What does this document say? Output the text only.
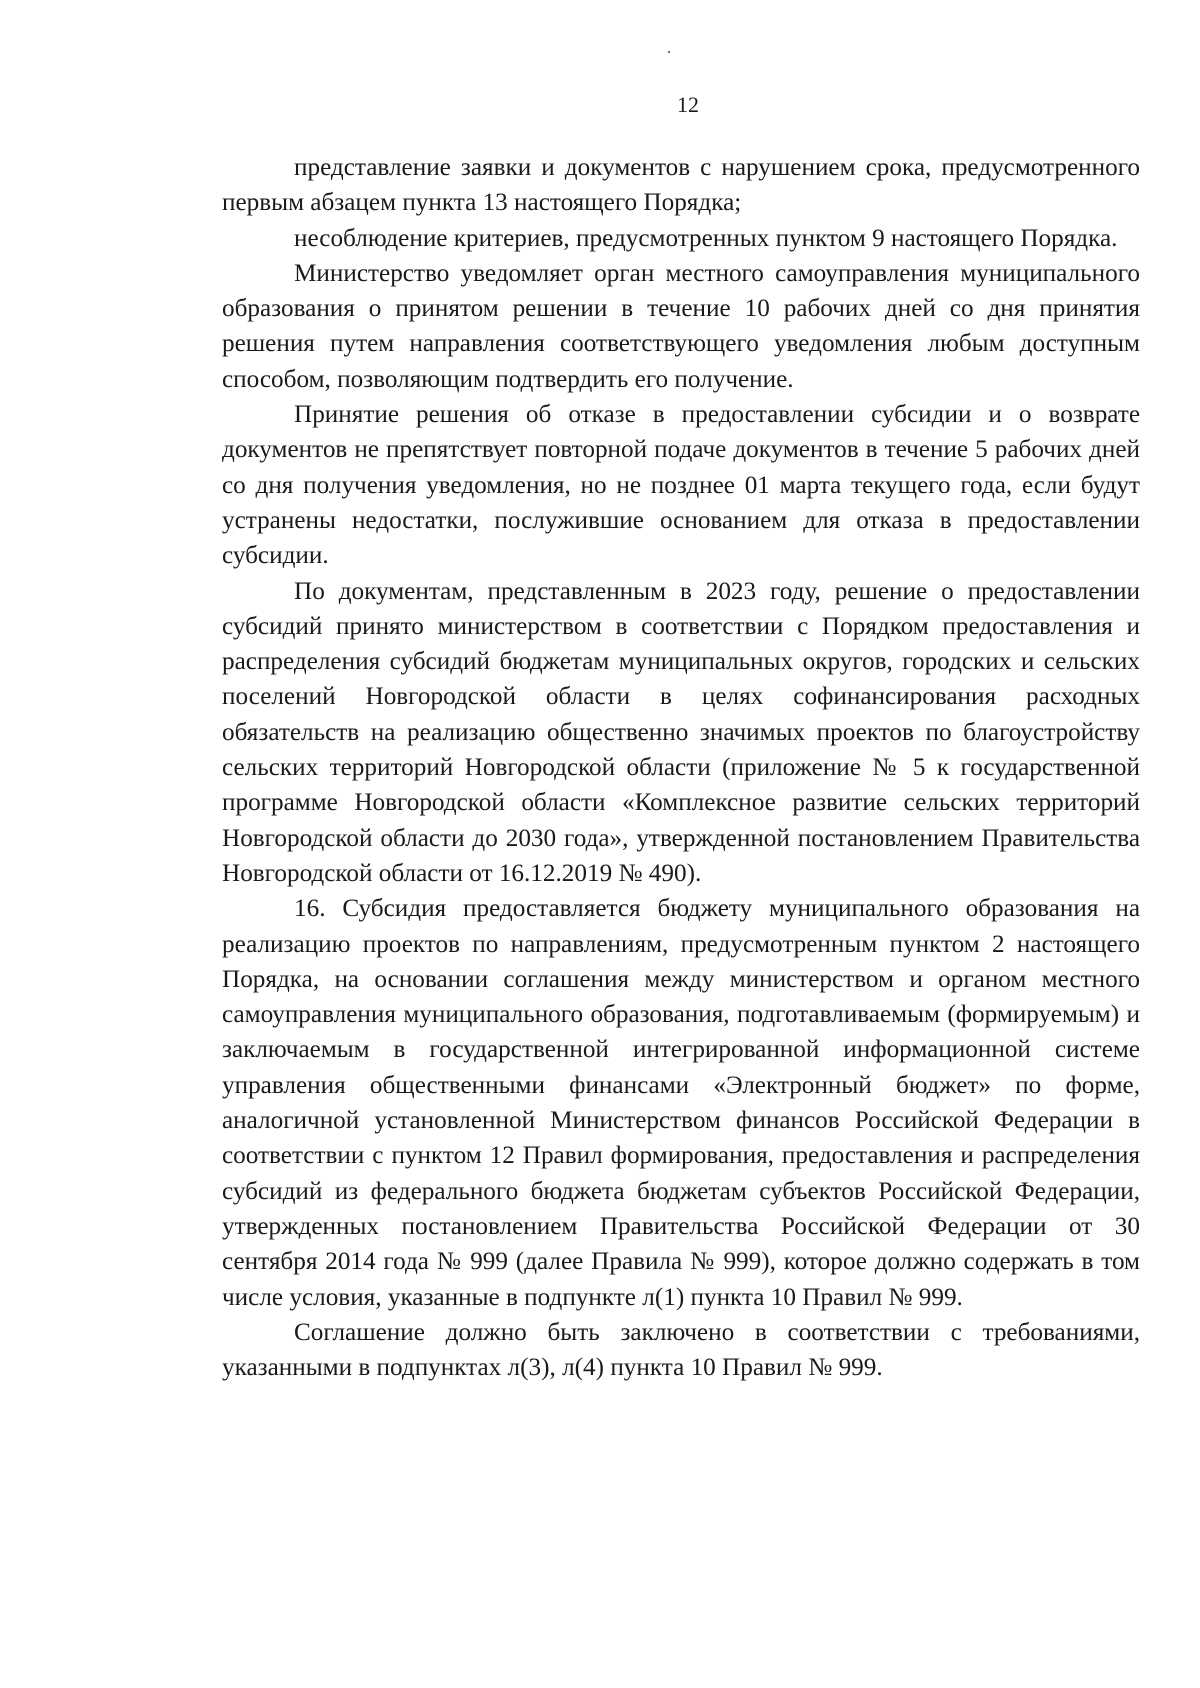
12

представление заявки и документов с нарушением срока, предусмотренного первым абзацем пункта 13 настоящего Порядка;

несоблюдение критериев, предусмотренных пунктом 9 настоящего Порядка.

Министерство уведомляет орган местного самоуправления муниципального образования о принятом решении в течение 10 рабочих дней со дня принятия решения путем направления соответствующего уведомления любым доступным способом, позволяющим подтвердить его получение.

Принятие решения об отказе в предоставлении субсидии и о возврате документов не препятствует повторной подаче документов в течение 5 рабочих дней со дня получения уведомления, но не позднее 01 марта текущего года, если будут устранены недостатки, послужившие основанием для отказа в предоставлении субсидии.

По документам, представленным в 2023 году, решение о предоставлении субсидий принято министерством в соответствии с Порядком предоставления и распределения субсидий бюджетам муниципальных округов, городских и сельских поселений Новгородской области в целях софинансирования расходных обязательств на реализацию общественно значимых проектов по благоустройству сельских территорий Новгородской области (приложение № 5 к государственной программе Новгородской области «Комплексное развитие сельских территорий Новгородской области до 2030 года», утвержденной постановлением Правительства Новгородской области от 16.12.2019 № 490).

16. Субсидия предоставляется бюджету муниципального образования на реализацию проектов по направлениям, предусмотренным пунктом 2 настоящего Порядка, на основании соглашения между министерством и органом местного самоуправления муниципального образования, подготавливаемым (формируемым) и заключаемым в государственной интегрированной информационной системе управления общественными финансами «Электронный бюджет» по форме, аналогичной установленной Министерством финансов Российской Федерации в соответствии с пунктом 12 Правил формирования, предоставления и распределения субсидий из федерального бюджета бюджетам субъектов Российской Федерации, утвержденных постановлением Правительства Российской Федерации от 30 сентября 2014 года № 999 (далее Правила № 999), которое должно содержать в том числе условия, указанные в подпункте л(1) пункта 10 Правил № 999.

Соглашение должно быть заключено в соответствии с требованиями, указанными в подпунктах л(3), л(4) пункта 10 Правил № 999.
